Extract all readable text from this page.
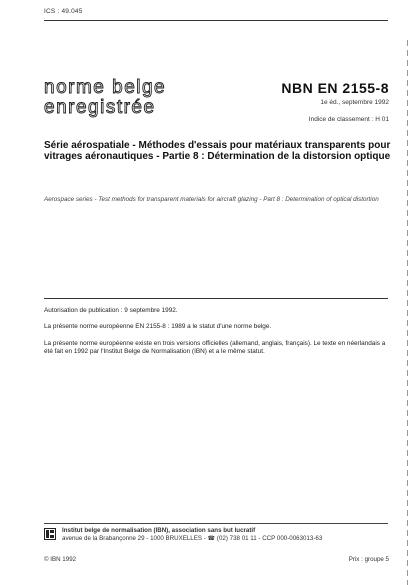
ICS : 49.045
norme belge
enregistrée
NBN EN 2155-8
1e éd., septembre 1992
Indice de classement : H 01
Série aérospatiale - Méthodes d'essais pour matériaux transparents pour vitrages aéronautiques - Partie 8 : Détermination de la distorsion optique
Aerospace series - Test methods for transparent materials for aircraft glazing - Part 8 : Determination of optical distortion
Autorisation de publication : 9 septembre 1992.
La présente norme européenne EN 2155-8 : 1989 a le statut d'une norme belge.
La présente norme européenne existe en trois versions officielles (allemand, anglais, français). Le texte en néerlandais a été fait en 1992 par l'Institut Belge de Normalisation (IBN) et a le même statut.
Institut belge de normalisation (IBN), association sans but lucratif
avenue de la Brabançonne 29 - 1000 BRUXELLES - ☎ (02) 738 01 11 - CCP 000-0063013-63
© IBN 1992	Prix : groupe 5
